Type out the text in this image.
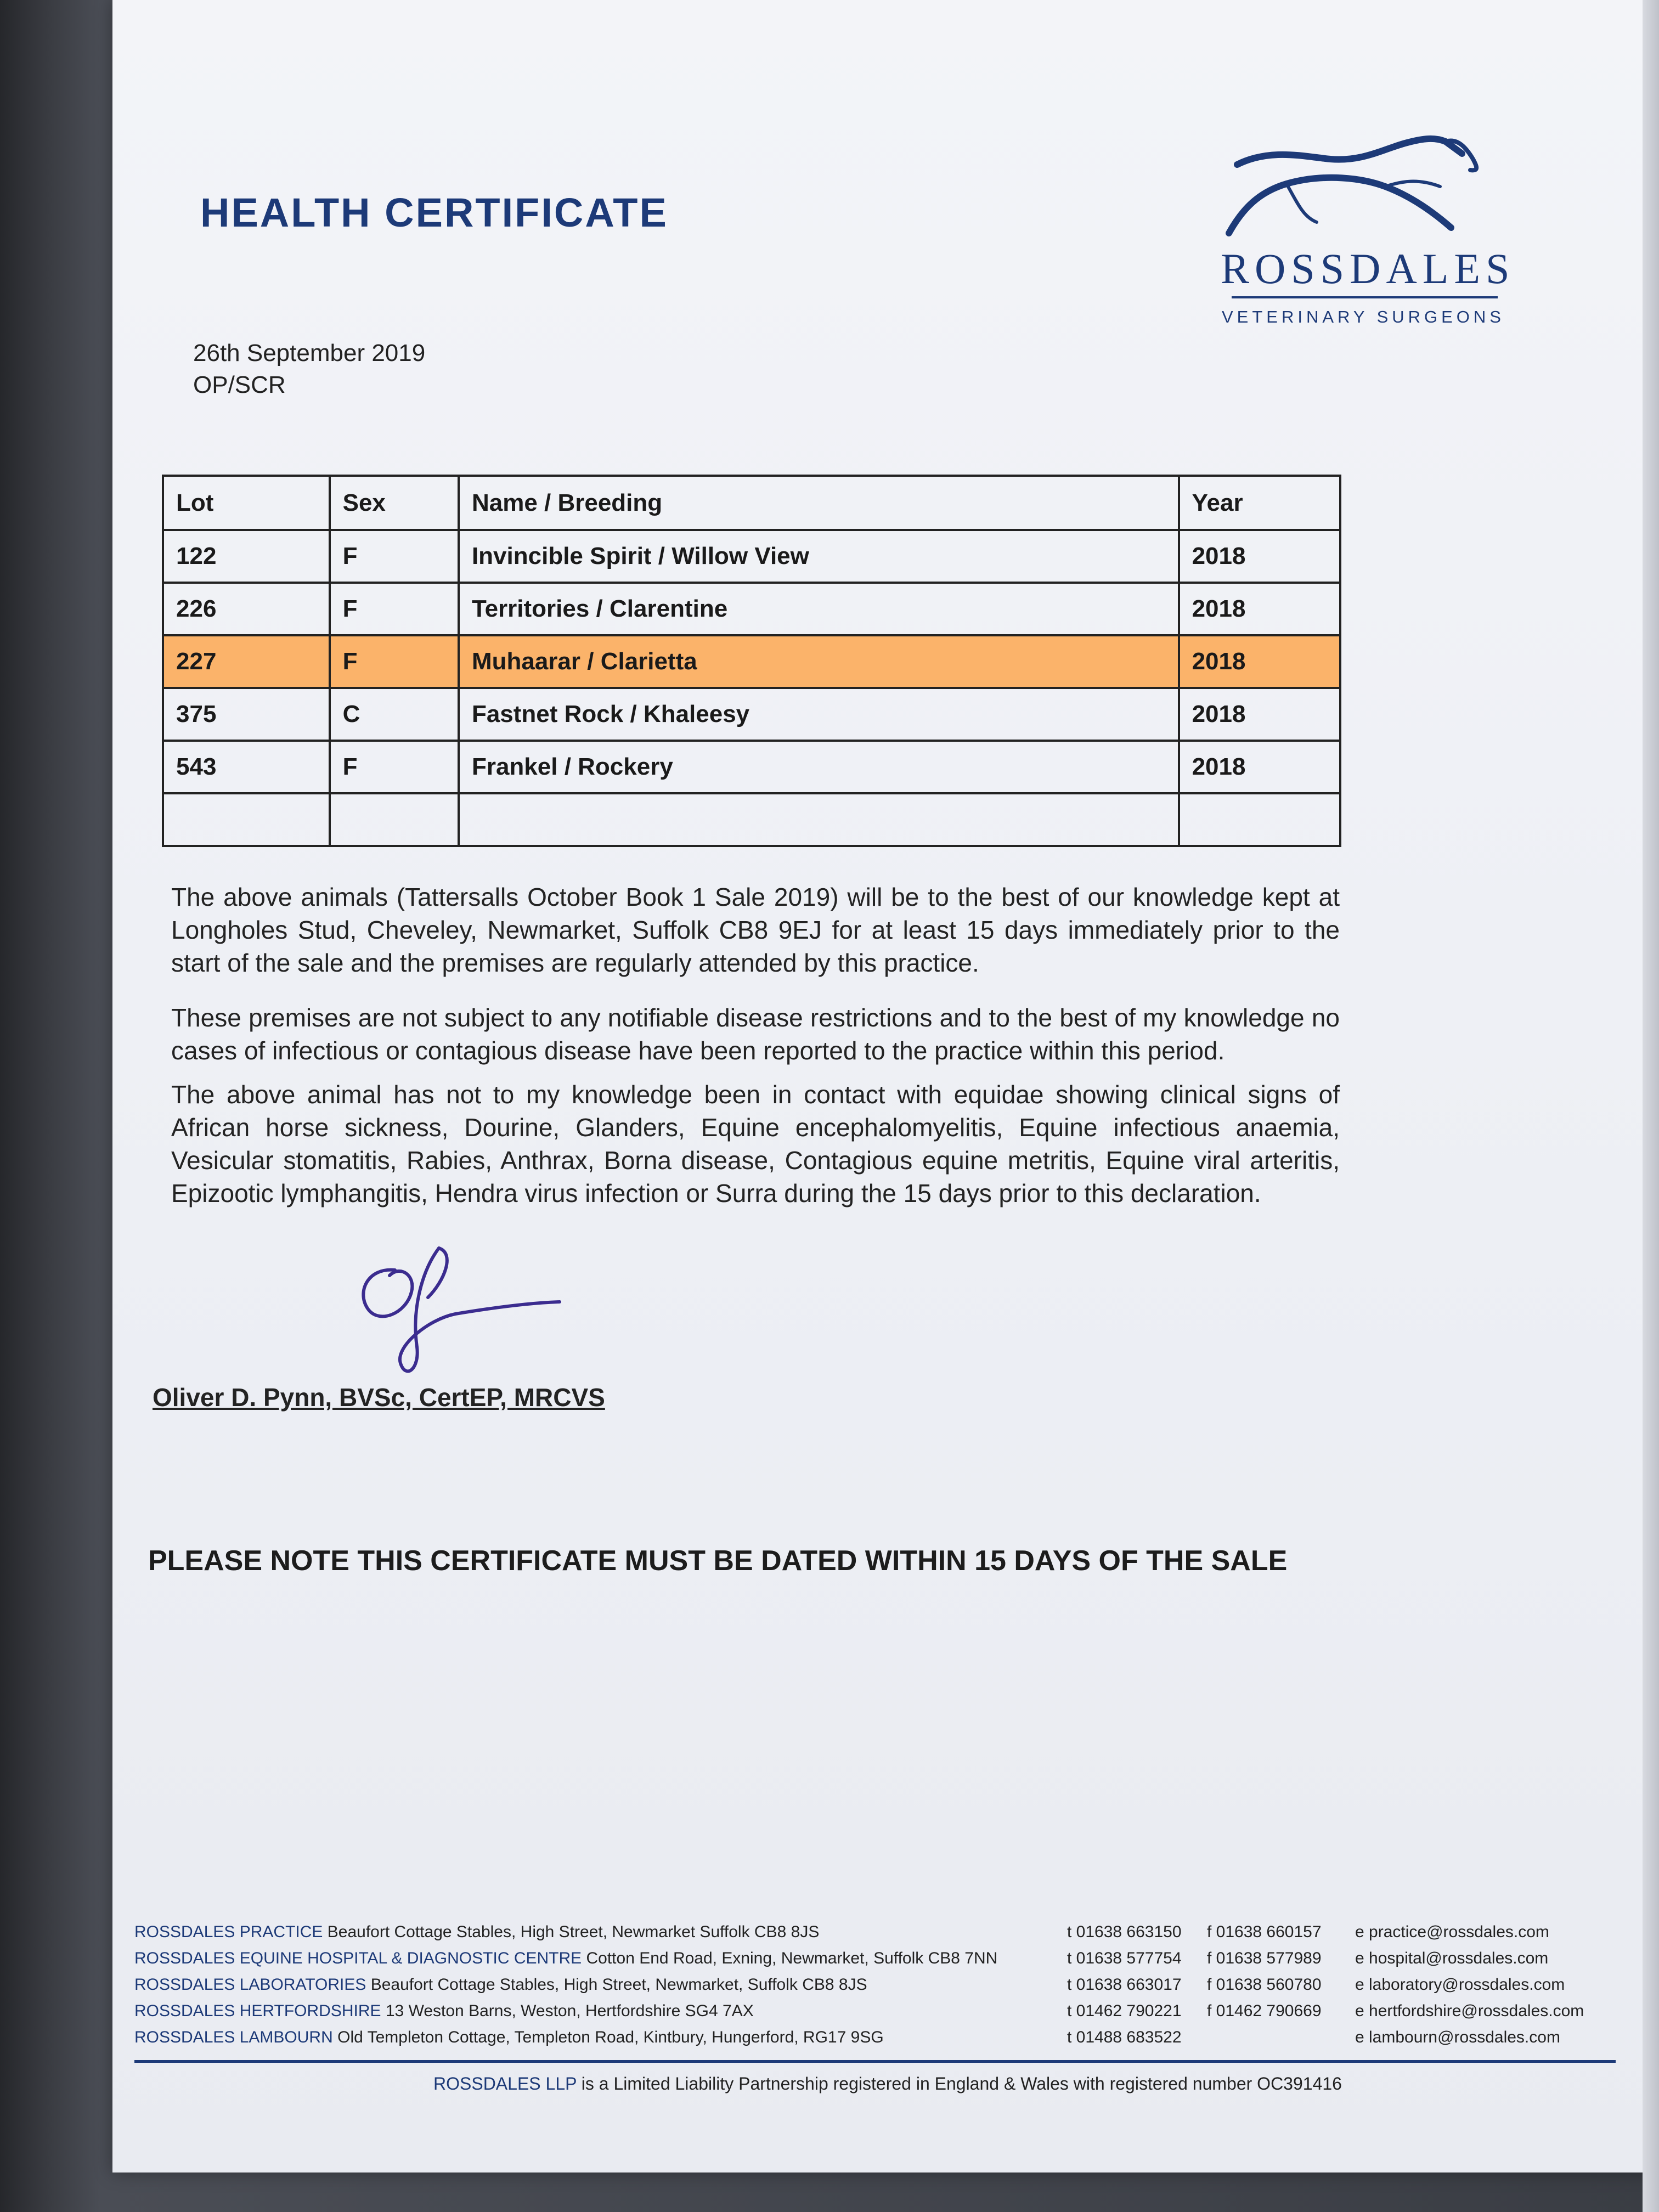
HEALTH CERTIFICATE
ROSSDALES
VETERINARY SURGEONS
26th September 2019
OP/SCR
Lot	Sex	Name / Breeding	Year
122	F	Invincible Spirit / Willow View	2018
226	F	Territories / Clarentine	2018
227	F	Muhaarar / Clarietta	2018
375	C	Fastnet Rock / Khaleesy	2018
543	F	Frankel / Rockery	2018

The above animals (Tattersalls October Book 1 Sale 2019) will be to the best of our knowledge kept at Longholes Stud, Cheveley, Newmarket, Suffolk CB8 9EJ for at least 15 days immediately prior to the start of the sale and the premises are regularly attended by this practice.
These premises are not subject to any notifiable disease restrictions and to the best of my knowledge no cases of infectious or contagious disease have been reported to the practice within this period.
The above animal has not to my knowledge been in contact with equidae showing clinical signs of African horse sickness, Dourine, Glanders, Equine encephalomyelitis, Equine infectious anaemia, Vesicular stomatitis, Rabies, Anthrax, Borna disease, Contagious equine metritis, Equine viral arteritis, Epizootic lymphangitis, Hendra virus infection or Surra during the 15 days prior to this declaration.
Oliver D. Pynn, BVSc, CertEP, MRCVS
PLEASE NOTE THIS CERTIFICATE MUST BE DATED WITHIN 15 DAYS OF THE SALE
ROSSDALES PRACTICE Beaufort Cottage Stables, High Street, Newmarket Suffolk CB8 8JS	t 01638 663150 f 01638 660157 e practice@rossdales.com
ROSSDALES EQUINE HOSPITAL & DIAGNOSTIC CENTRE Cotton End Road, Exning, Newmarket, Suffolk CB8 7NN	t 01638 577754 f 01638 577989 e hospital@rossdales.com
ROSSDALES LABORATORIES Beaufort Cottage Stables, High Street, Newmarket, Suffolk CB8 8JS	t 01638 663017 f 01638 560780 e laboratory@rossdales.com
ROSSDALES HERTFORDSHIRE 13 Weston Barns, Weston, Hertfordshire SG4 7AX	t 01462 790221 f 01462 790669 e hertfordshire@rossdales.com
ROSSDALES LAMBOURN Old Templeton Cottage, Templeton Road, Kintbury, Hungerford, RG17 9SG	t 01488 683522	e lambourn@rossdales.com
ROSSDALES LLP is a Limited Liability Partnership registered in England & Wales with registered number OC391416
